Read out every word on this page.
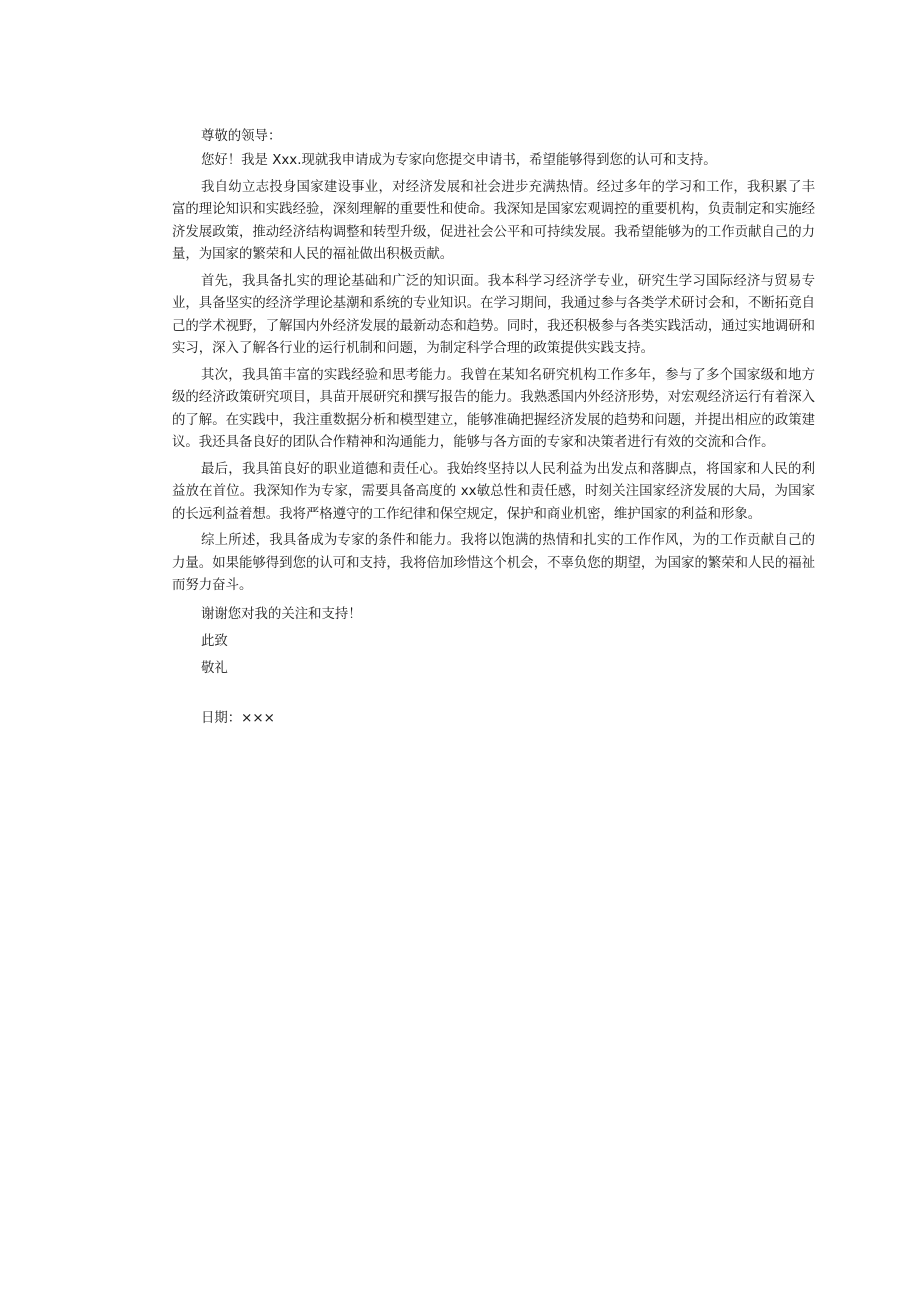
尊敬的领导：

您好！我是 Xxx.现就我申请成为专家向您提交申请书，希望能够得到您的认可和支持。

我自幼立志投身国家建设事业，对经济发展和社会进步充满热情。经过多年的学习和工作，我积累了丰富的理论知识和实践经验，深刻理解的重要性和使命。我深知是国家宏观调控的重要机构，负责制定和实施经济发展政策，推动经济结构调整和转型升级，促进社会公平和可持续发展。我希望能够为的工作贡献自己的力量，为国家的繁荣和人民的福祉做出积极贡献。

首先，我具备扎实的理论基础和广泛的知识面。我本科学习经济学专业，研究生学习国际经济与贸易专业，具备坚实的经济学理论基潮和系统的专业知识。在学习期间，我通过参与各类学术研讨会和，不断拓竟自己的学术视野，了解国内外经济发展的最新动态和趋势。同时，我还积极参与各类实践活动，通过实地调研和实习，深入了解各行业的运行机制和问题，为制定科学合理的政策提供实践支持。

其次，我具笛丰富的实践经验和思考能力。我曾在某知名研究机构工作多年，参与了多个国家级和地方级的经济政策研究项目，具苗开展研究和撰写报告的能力。我熟悉国内外经济形势，对宏观经济运行有着深入的了解。在实践中，我注重数据分析和模型建立，能够准确把握经济发展的趋势和问题，并提出相应的政策建议。我还具备良好的团队合作精神和沟通能力，能够与各方面的专家和决策者进行有效的交流和合作。

最后，我具笛良好的职业道德和责任心。我始终坚持以人民利益为出发点和落脚点，将国家和人民的利益放在首位。我深知作为专家，需要具备高度的 xx敏总性和责任感，时刻关注国家经济发展的大局，为国家的长远利益着想。我将严格遵守的工作纪律和保空规定，保护和商业机密，维护国家的利益和形象。

综上所述，我具备成为专家的条件和能力。我将以饱满的热情和扎实的工作作风，为的工作贡献自己的力量。如果能够得到您的认可和支持，我将倍加珍惜这个机会，不辜负您的期望，为国家的繁荣和人民的福祉而努力奋斗。

谢谢您对我的关注和支持！

此致

敬礼

日期：×××
